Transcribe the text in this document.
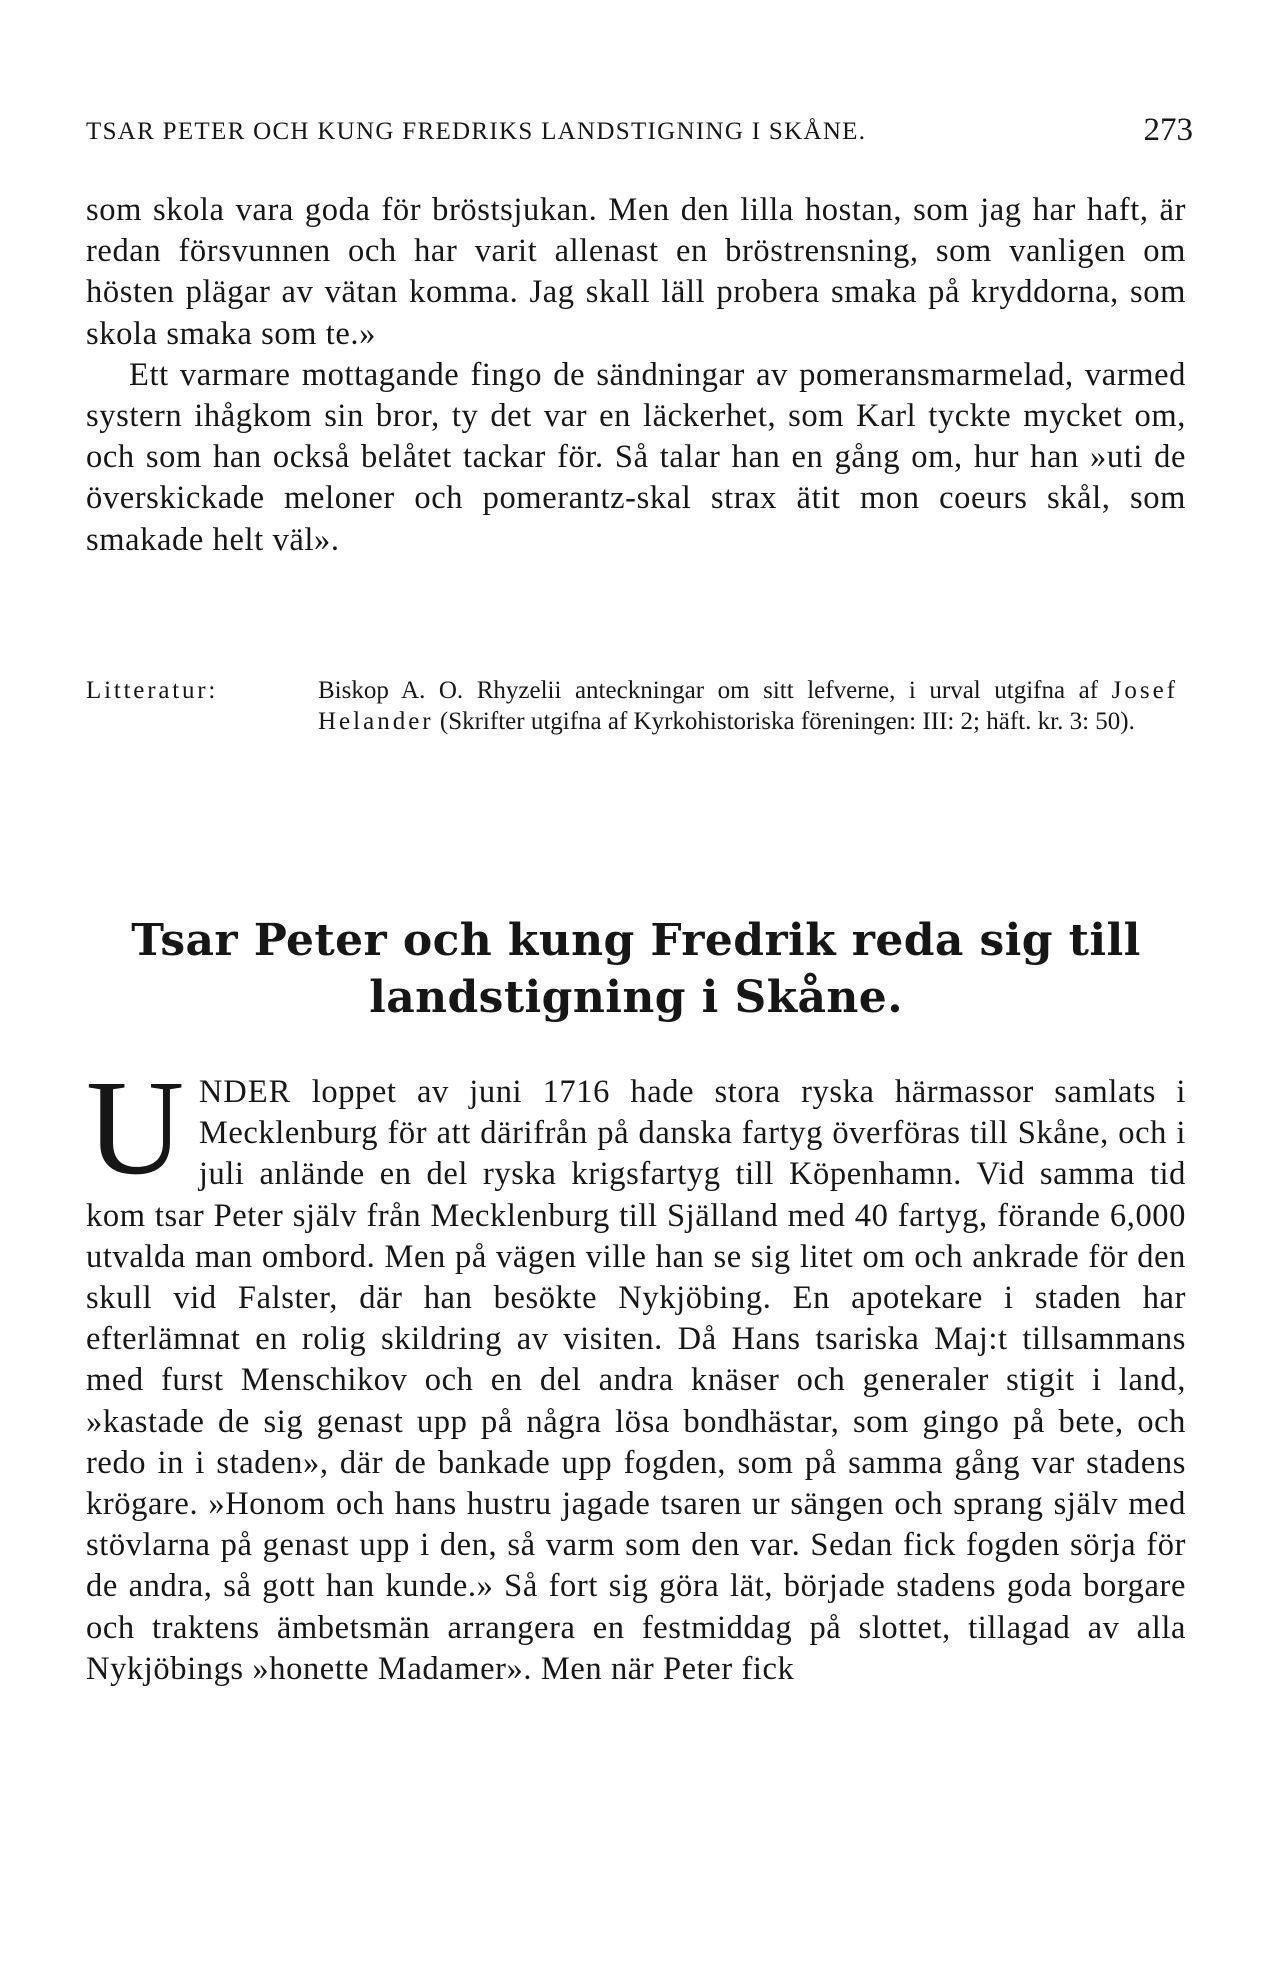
TSAR PETER OCH KUNG FREDRIKS LANDSTIGNING I SKÅNE.	273

som skola vara goda för bröstsjukan. Men den lilla hostan, som jag har haft, är redan försvunnen och har varit allenast en bröstrensning, som vanligen om hösten plägar av vätan komma. Jag skall läll probera smaka på kryddorna, som skola smaka som te.»

Ett varmare mottagande fingo de sändningar av pomeransmarmelad, varmed systern ihågkom sin bror, ty det var en läckerhet, som Karl tyckte mycket om, och som han också belåtet tackar för. Så talar han en gång om, hur han »uti de överskickade meloner och pomerantz-skal strax ätit mon coeurs skål, som smakade helt väl».

Litteratur:	Biskop A. O. Rhyzelii anteckningar om sitt lefverne, i urval utgifna af Josef Helander (Skrifter utgifna af Kyrkohistoriska föreningen: III: 2; häft. kr. 3: 50).

Tsar Peter och kung Fredrik reda sig till
landstigning i Skåne.

UNDER loppet av juni 1716 hade stora ryska härmassor samlats i Mecklenburg för att därifrån på danska fartyg överföras till Skåne, och i juli anlände en del ryska krigsfartyg till Köpenhamn. Vid samma tid kom tsar Peter själv från Mecklenburg till Själland med 40 fartyg, förande 6,000 utvalda man ombord. Men på vägen ville han se sig litet om och ankrade för den skull vid Falster, där han besökte Nykjöbing. En apotekare i staden har efterlämnat en rolig skildring av visiten. Då Hans tsariska Maj:t tillsammans med furst Menschikov och en del andra knäser och generaler stigit i land, »kastade de sig genast upp på några lösa bondhästar, som gingo på bete, och redo in i staden», där de bankade upp fogden, som på samma gång var stadens krögare. »Honom och hans hustru jagade tsaren ur sängen och sprang själv med stövlarna på genast upp i den, så varm som den var. Sedan fick fogden sörja för de andra, så gott han kunde.» Så fort sig göra lät, började stadens goda borgare och traktens ämbetsmän arrangera en festmiddag på slottet, tillagad av alla Nykjöbings »honette Madamer». Men när Peter fick
